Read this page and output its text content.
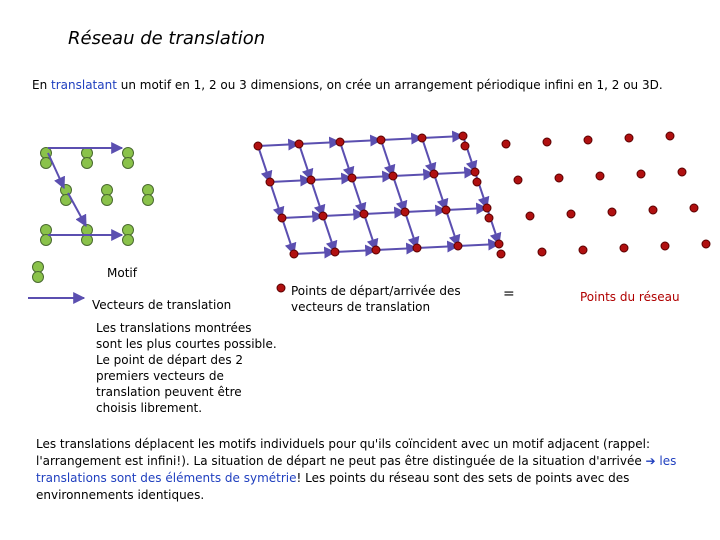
Réseau de translation
En translatant un motif en 1, 2 ou 3 dimensions, on crée un arrangement périodique infini en 1, 2 ou 3D.
Motif
Vecteurs de translation
Points de départ/arrivée des
vecteurs de translation
=	Points du réseau
Les translations montrées
sont les plus courtes possible.
Le point de départ des 2
premiers vecteurs de
translation peuvent être
choisis librement.
Les translations déplacent les motifs individuels pour qu'ils coïncident avec un motif adjacent (rappel: l'arrangement est infini!). La situation de départ ne peut pas être distinguée de la situation d'arrivée ➔ les translations sont des éléments de symétrie! Les points du réseau sont des sets de points avec des environnements identiques.
